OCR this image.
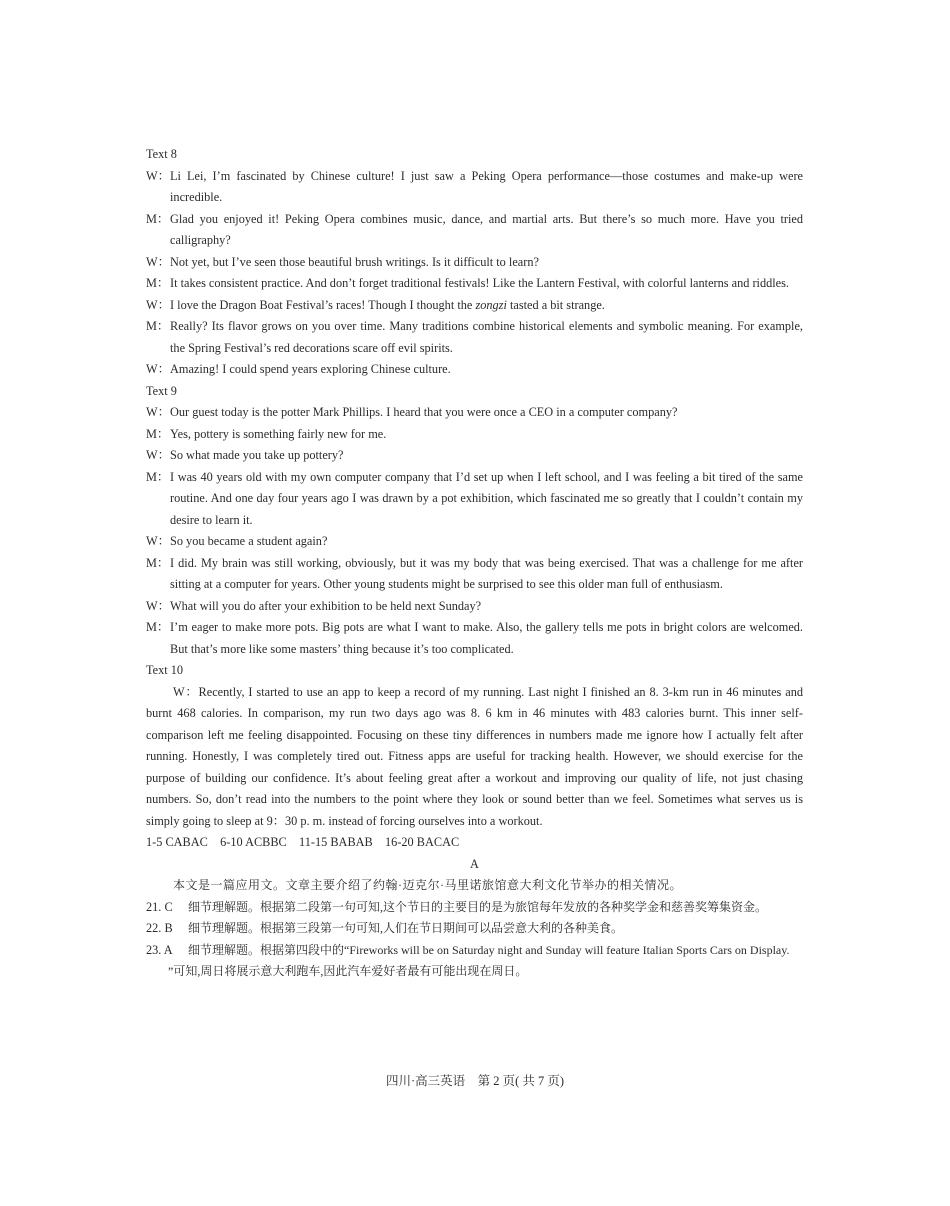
Text 8
W： Li Lei, I’m fascinated by Chinese culture! I just saw a Peking Opera performance—those costumes and make-up were incredible.
M： Glad you enjoyed it! Peking Opera combines music, dance, and martial arts. But there’s so much more. Have you tried calligraphy?
W： Not yet, but I’ve seen those beautiful brush writings. Is it difficult to learn?
M： It takes consistent practice. And don’t forget traditional festivals! Like the Lantern Festival, with colorful lanterns and riddles.
W： I love the Dragon Boat Festival’s races! Though I thought the zongzi tasted a bit strange.
M： Really? Its flavor grows on you over time. Many traditions combine historical elements and symbolic meaning. For example, the Spring Festival’s red decorations scare off evil spirits.
W： Amazing! I could spend years exploring Chinese culture.
Text 9
W： Our guest today is the potter Mark Phillips. I heard that you were once a CEO in a computer company?
M： Yes, pottery is something fairly new for me.
W： So what made you take up pottery?
M： I was 40 years old with my own computer company that I’d set up when I left school, and I was feeling a bit tired of the same routine. And one day four years ago I was drawn by a pot exhibition, which fascinated me so greatly that I couldn’t contain my desire to learn it.
W： So you became a student again?
M： I did. My brain was still working, obviously, but it was my body that was being exercised. That was a challenge for me after sitting at a computer for years. Other young students might be surprised to see this older man full of enthusiasm.
W： What will you do after your exhibition to be held next Sunday?
M： I’m eager to make more pots. Big pots are what I want to make. Also, the gallery tells me pots in bright colors are welcomed. But that’s more like some masters’ thing because it’s too complicated.
Text 10
W：Recently, I started to use an app to keep a record of my running. Last night I finished an 8. 3-km run in 46 minutes and burnt 468 calories. In comparison, my run two days ago was 8. 6 km in 46 minutes with 483 calories burnt. This inner self-comparison left me feeling disappointed. Focusing on these tiny differences in numbers made me ignore how I actually felt after running. Honestly, I was completely tired out. Fitness apps are useful for tracking health. However, we should exercise for the purpose of building our confidence. It’s about feeling great after a workout and improving our quality of life, not just chasing numbers. So, don’t read into the numbers to the point where they look or sound better than we feel. Sometimes what serves us is simply going to sleep at 9：30 p. m. instead of forcing ourselves into a workout.
1-5 CABAC    6-10 ACBBC    11-15 BABAB    16-20 BACAC
A
本文是一篇应用文。文章主要介绍了约翰·迈克尔·马里诺旅馆意大利文化节举办的相关情况。
21. C 细节理解题。根据第二段第一句可知,这个节日的主要目的是为旅馆每年发放的各种奖学金和慈善奖筹集资金。
22. B 细节理解题。根据第三段第一句可知,人们在节日期间可以品尝意大利的各种美食。
23. A 细节理解题。根据第四段中的“Fireworks will be on Saturday night and Sunday will feature Italian Sports Cars on Display. ”可知,周日将展示意大利跑车,因此汽车爱好者最有可能出现在周日。
四川·高三英语　第 2 页( 共 7 页)
